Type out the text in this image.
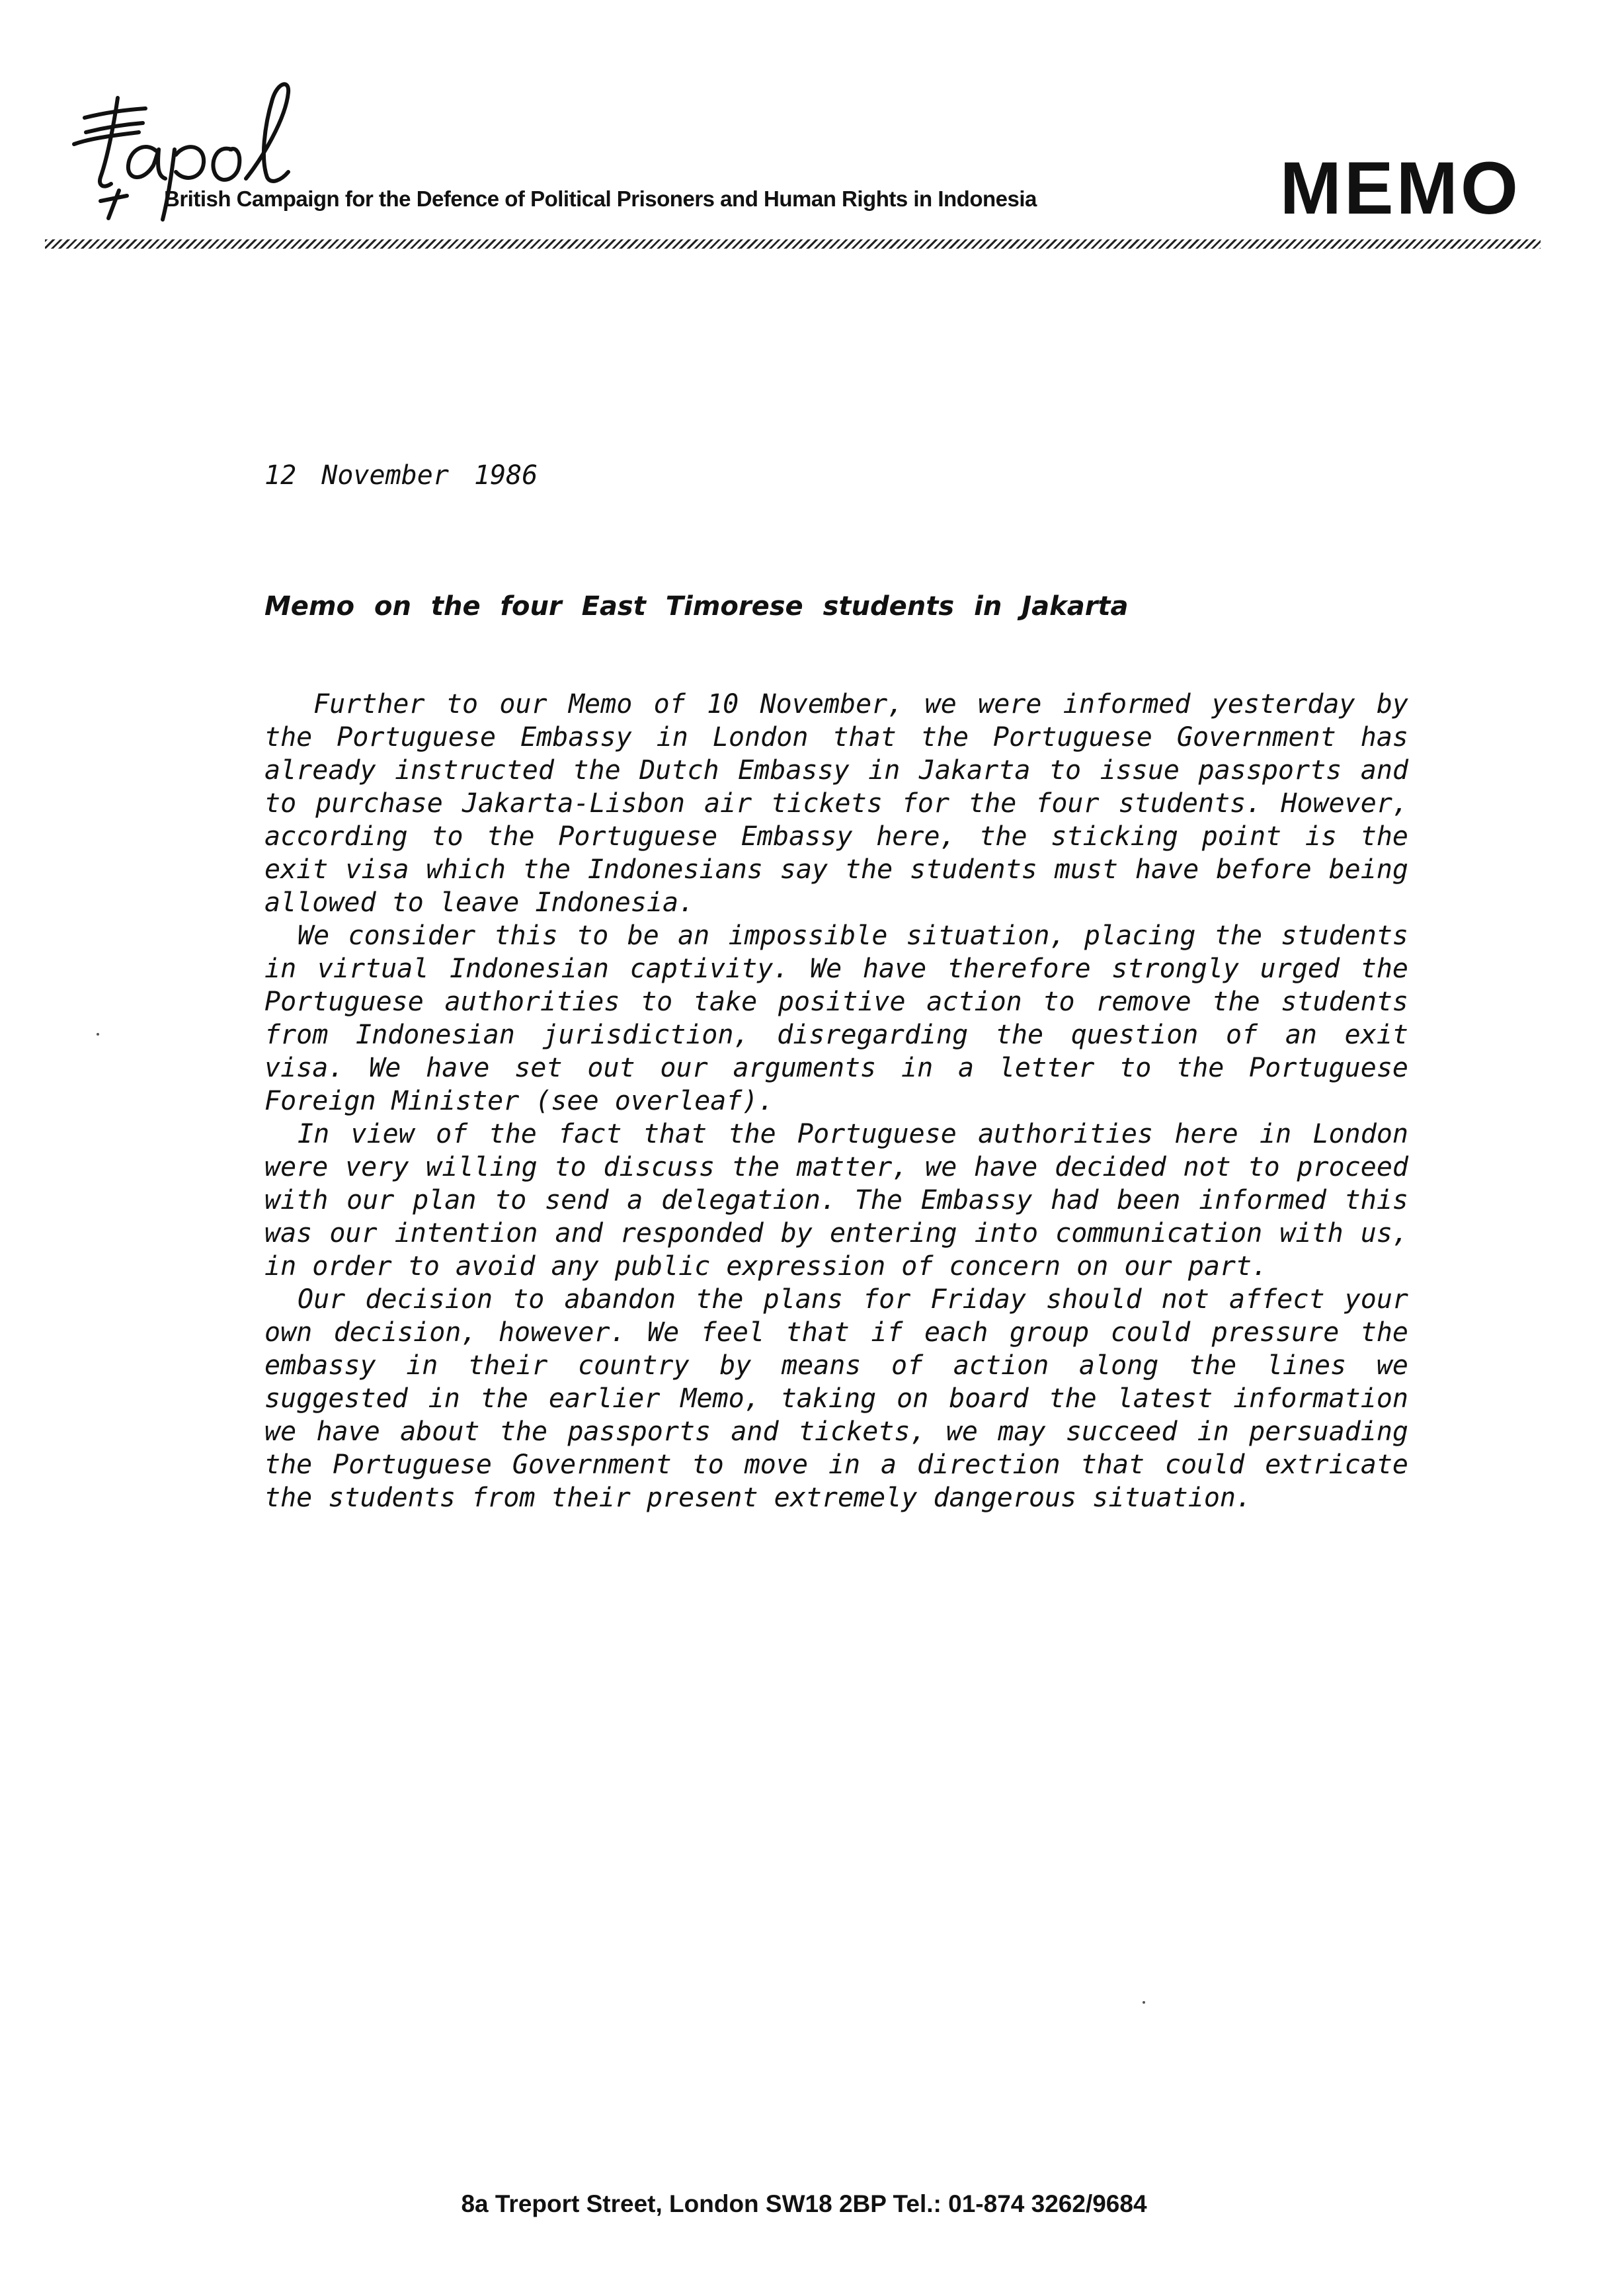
British Campaign for the Defence of Political Prisoners and Human Rights in Indonesia	MEMO
12 November 1986
Memo on the four East Timorese students in Jakarta

Further to our Memo of 10 November, we were informed yesterday by the Portuguese Embassy in London that the Portuguese Government has already instructed the Dutch Embassy in Jakarta to issue passports and to purchase Jakarta-Lisbon air tickets for the four students. However, according to the Portuguese Embassy here, the sticking point is the exit visa which the Indonesians say the students must have before being allowed to leave Indonesia.

We consider this to be an impossible situation, placing the students in virtual Indonesian captivity. We have therefore strongly urged the Portuguese authorities to take positive action to remove the students from Indonesian jurisdiction, disregarding the question of an exit visa. We have set out our arguments in a letter to the Portuguese Foreign Minister (see overleaf).

In view of the fact that the Portuguese authorities here in London were very willing to discuss the matter, we have decided not to proceed with our plan to send a delegation. The Embassy had been informed this was our intention and responded by entering into communication with us, in order to avoid any public expression of concern on our part.

Our decision to abandon the plans for Friday should not affect your own decision, however. We feel that if each group could pressure the embassy in their country by means of action along the lines we suggested in the earlier Memo, taking on board the latest information we have about the passports and tickets, we may succeed in persuading the Portuguese Government to move in a direction that could extricate the students from their present extremely dangerous situation.

8a Treport Street, London SW18 2BP Tel.: 01-874 3262/9684
